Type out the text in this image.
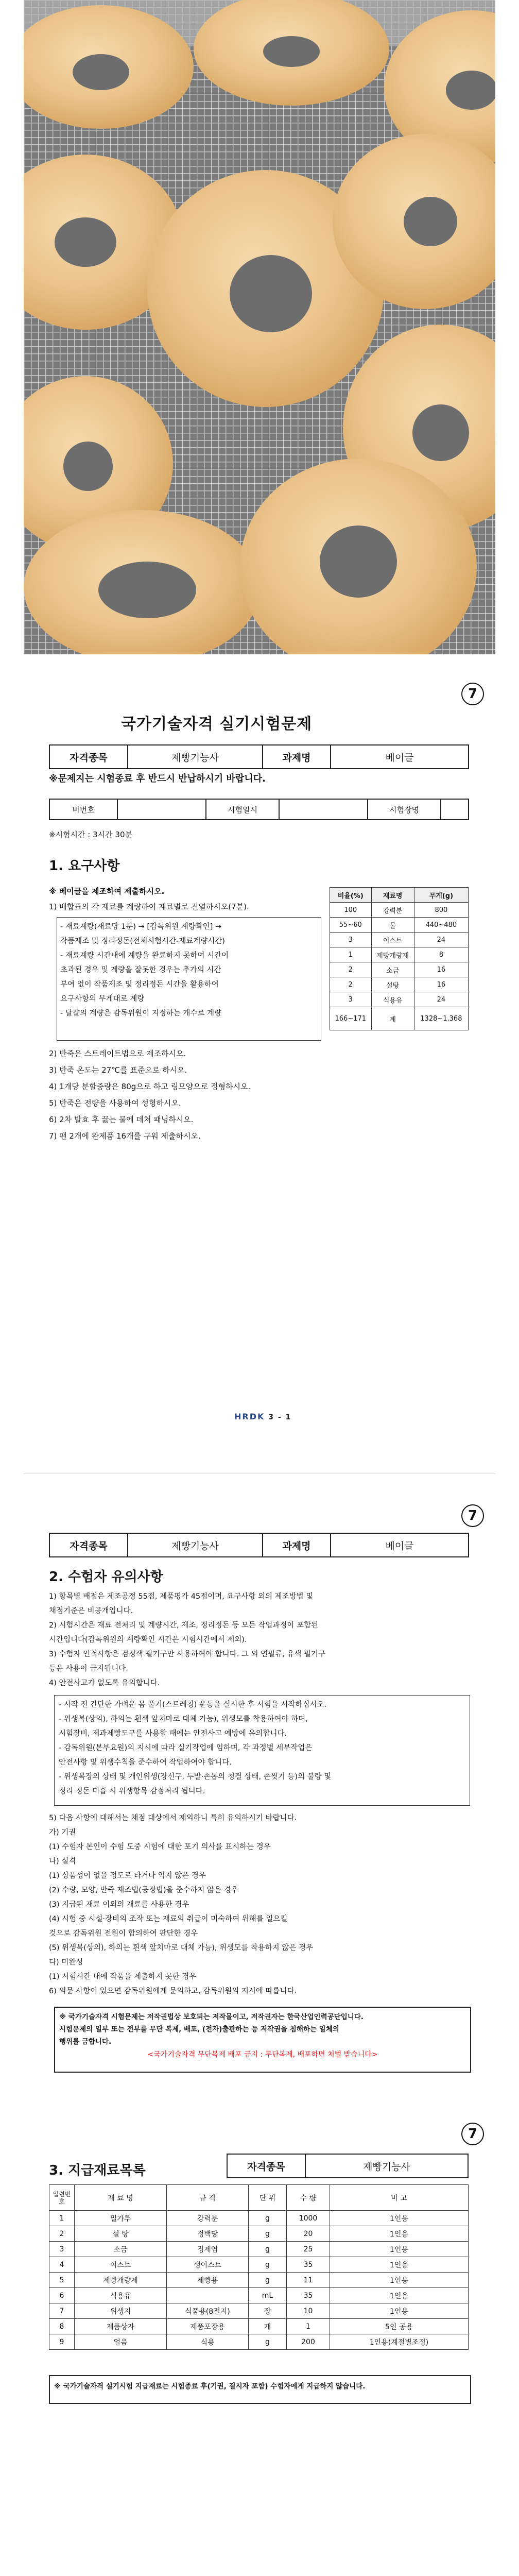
7
국가기술자격 실기시험문제
자격종목	제빵기능사	과제명	베이글
※문제지는 시험종료 후 반드시 반납하시기 바랍니다.
비번호		시험일시		시험장명	
※시험시간 : 3시간 30분
1. 요구사항
※ 베이글을 제조하여 제출하시오.
1) 배합표의 각 재료를 계량하여 재료별로 진열하시오(7분).
- 재료계량(재료당 1분) → [감독위원 계량확인] →
작품제조 및 정리정돈(전체시험시간-재료계량시간)
- 재료계량 시간내에 계량을 완료하지 못하여 시간이
초과된 경우 및 계량을 잘못한 경우는 추가의 시간
부여 없이 작품제조 및 정리정돈 시간을 활용하여
요구사항의 무게대로 계량
- 달걀의 계량은 감독위원이 지정하는 개수로 계량
2) 반죽은 스트레이트법으로 제조하시오.
3) 반죽 온도는 27℃를 표준으로 하시오.
4) 1개당 분할중량은 80g으로 하고 링모양으로 정형하시오.
5) 반죽은 전량을 사용하여 성형하시오.
6) 2차 발효 후 끓는 물에 데쳐 패닝하시오.
7) 팬 2개에 완제품 16개를 구워 제출하시오.
비율(%)	재료명	무게(g)
100	강력분	800
55~60	물	440~480
3	이스트	24
1	제빵개량제	8
2	소금	16
2	설탕	16
3	식용유	24
166~171	계	1328~1,368
HRDK 3 - 1
7
자격종목	제빵기능사	과제명	베이글
2. 수험자 유의사항
1) 항목별 배점은 제조공정 55점, 제품평가 45점이며, 요구사항 외의 제조방법 및
채점기준은 비공개입니다.
2) 시험시간은 재료 전처리 및 계량시간, 제조, 정리정돈 등 모든 작업과정이 포함된
시간입니다(감독위원의 계량확인 시간은 시험시간에서 제외).
3) 수험자 인적사항은 검정색 필기구만 사용하여야 합니다. 그 외 연필류, 유색 필기구
등은 사용이 금지됩니다.
4) 안전사고가 없도록 유의합니다.
- 시작 전 간단한 가벼운 몸 풀기(스트레칭) 운동을 실시한 후 시험을 시작하십시오.
- 위생복(상의), 하의는 흰색 앞치마로 대체 가능), 위생모를 착용하여야 하며,
시험장비, 제과제빵도구를 사용할 때에는 안전사고 예방에 유의합니다.
- 감독위원(본부요원)의 지시에 따라 실기작업에 임하며, 각 과정별 세부작업은
안전사항 및 위생수칙을 준수하여 작업하여야 합니다.
- 위생복장의 상태 및 개인위생(장신구, 두발·손톱의 청결 상태, 손씻기 등)의 불량 및
정리 정돈 미흡 시 위생항목 감점처리 됩니다.
5) 다음 사항에 대해서는 채점 대상에서 제외하니 특히 유의하시기 바랍니다.
가) 기권
(1) 수험자 본인이 수험 도중 시험에 대한 포기 의사를 표시하는 경우
나) 실격
(1) 상품성이 없을 정도로 타거나 익지 않은 경우
(2) 수량, 모양, 반죽 제조법(공정법)을 준수하지 않은 경우
(3) 지급된 재료 이외의 재료를 사용한 경우
(4) 시험 중 시설·장비의 조작 또는 재료의 취급이 미숙하여 위해를 일으킬
것으로 감독위원 전원이 합의하여 판단한 경우
(5) 위생복(상의), 하의는 흰색 앞치마로 대체 가능), 위생모를 착용하지 않은 경우
다) 미완성
(1) 시험시간 내에 작품을 제출하지 못한 경우
6) 의문 사항이 있으면 감독위원에게 문의하고, 감독위원의 지시에 따릅니다.
※ 국가기술자격 시험문제는 저작권법상 보호되는 저작물이고, 저작권자는 한국산업인력공단입니다.
시험문제의 일부 또는 전부를 무단 복제, 배포, (전자)출판하는 등 저작권을 침해하는 일체의
행위를 금합니다.
<국가기술자격 무단복제 배포 금지 : 무단복제, 배포하면 처벌 받습니다>
7
3. 지급재료목록	자격종목	제빵기능사
일련번호	재 료 명	규 격	단 위	수 량	비 고
1	밀가루	강력분	g	1000	1인용
2	설 탕	정백당	g	20	1인용
3	소금	정제염	g	25	1인용
4	이스트	생이스트	g	35	1인용
5	제빵개량제	제빵용	g	11	1인용
6	식용유		mL	35	1인용
7	위생지	식품용(8절지)	장	10	1인용
8	제품상자	제품포장용	개	1	5인 공용
9	얼음	식용	g	200	1인용(계절별조정)
※ 국가기술자격 실기시험 지급재료는 시험종료 후(기권, 결시자 포함) 수험자에게 지급하지 않습니다.
